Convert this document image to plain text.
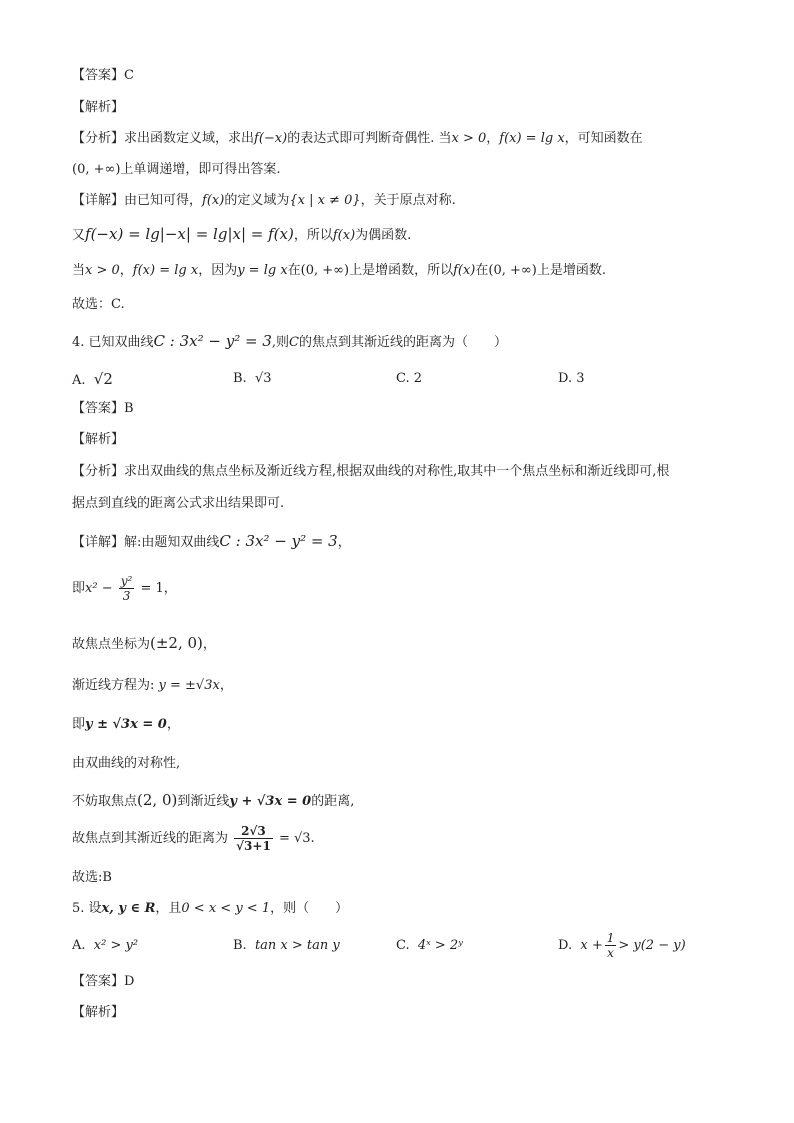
【答案】C
【解析】
【分析】求出函数定义域，求出f(−x)的表达式即可判断奇偶性. 当x > 0，f(x) = lg x，可知函数在
(0, +∞)上单调递增，即可得出答案.
【详解】由已知可得，f(x)的定义域为{x | x ≠ 0}，关于原点对称.
又f(−x) = lg|−x| = lg|x| = f(x)，所以f(x)为偶函数.
当x > 0，f(x) = lg x，因为y = lg x在(0, +∞)上是增函数，所以f(x)在(0, +∞)上是增函数.
故选：C.
4. 已知双曲线C : 3x² − y² = 3,则C的焦点到其渐近线的距离为（　　）
A. √2	B. √3	C. 2	D. 3
【答案】B
【解析】
【分析】求出双曲线的焦点坐标及渐近线方程,根据双曲线的对称性,取其中一个焦点坐标和渐近线即可,根
据点到直线的距离公式求出结果即可.
【详解】解:由题知双曲线C : 3x² − y² = 3，
即$x^2 - \frac{\text{y²}}{3} = 1$，
故焦点坐标为(±2, 0)，
渐近线方程为: y = ±√3x，
即y ± √3x = 0，
由双曲线的对称性,
不妨取焦点(2, 0)到渐近线y + √3x = 0的距离,
故焦点到其渐近线的距离为 $\frac{2√3}{√3+1} = √3$.
故选:B
5. 设x, y ∈ R，且0 < x < y < 1，则（　　）
A. x² > y²	B. tan x > tan y	C. 4ˣ > 2ʸ	D. $x + \frac{1}{x} > y(2 - y)$
【答案】D
【解析】
